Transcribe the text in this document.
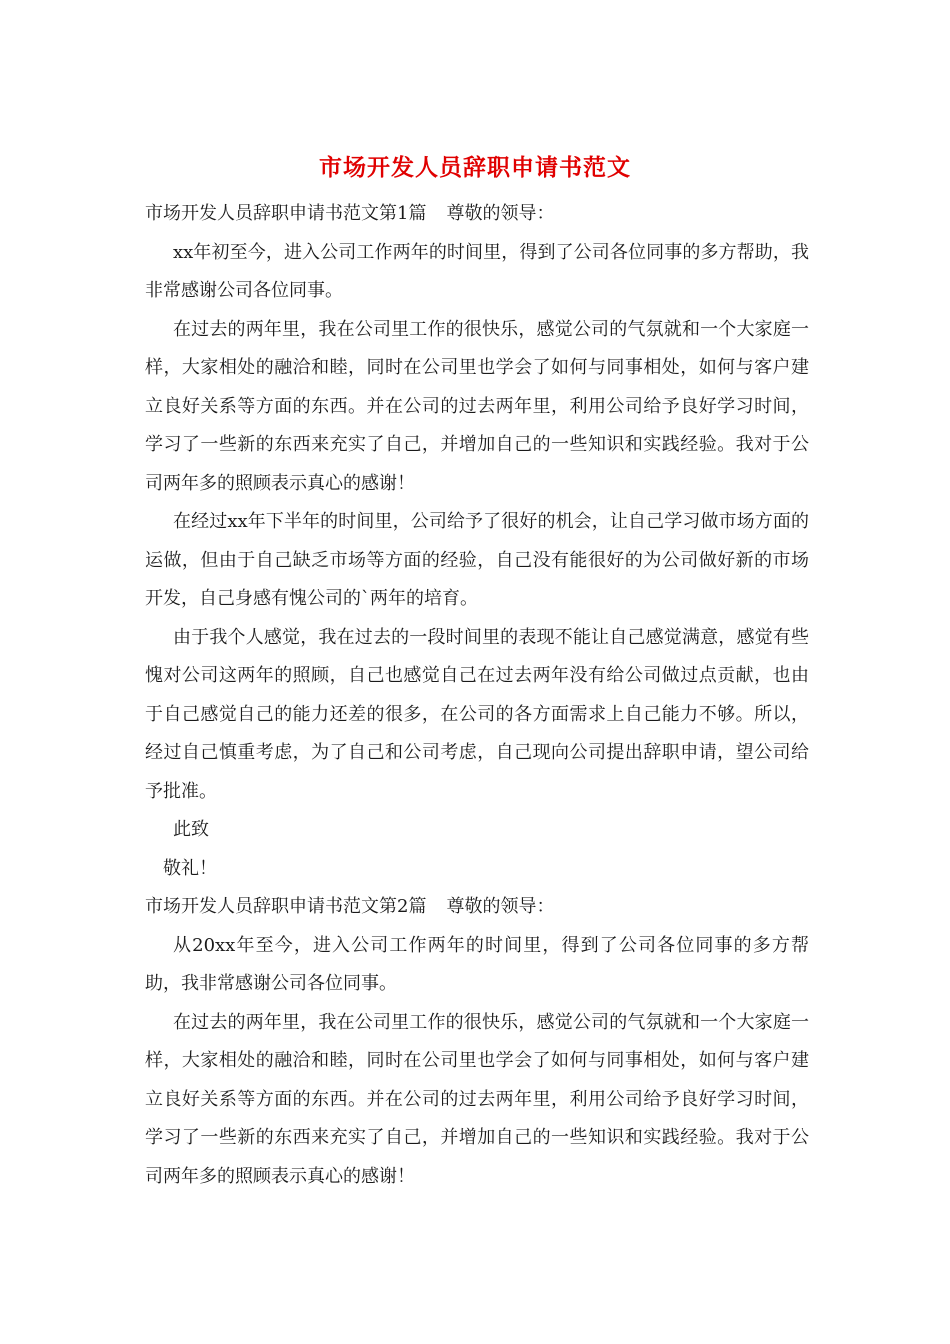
市场开发人员辞职申请书范文

市场开发人员辞职申请书范文第1篇 尊敬的领导：

xx年初至今，进入公司工作两年的时间里，得到了公司各位同事的多方帮助，我非常感谢公司各位同事。

在过去的两年里，我在公司里工作的很快乐，感觉公司的气氛就和一个大家庭一样，大家相处的融洽和睦，同时在公司里也学会了如何与同事相处，如何与客户建立良好关系等方面的东西。并在公司的过去两年里，利用公司给予良好学习时间，学习了一些新的东西来充实了自己，并增加自己的一些知识和实践经验。我对于公司两年多的照顾表示真心的感谢！

在经过xx年下半年的时间里，公司给予了很好的机会，让自己学习做市场方面的运做，但由于自己缺乏市场等方面的经验，自己没有能很好的为公司做好新的市场开发，自己身感有愧公司的`两年的培育。

由于我个人感觉，我在过去的一段时间里的表现不能让自己感觉满意，感觉有些愧对公司这两年的照顾，自己也感觉自己在过去两年没有给公司做过点贡献，也由于自己感觉自己的能力还差的很多，在公司的各方面需求上自己能力不够。所以，经过自己慎重考虑，为了自己和公司考虑，自己现向公司提出辞职申请，望公司给予批准。

此致

敬礼！

市场开发人员辞职申请书范文第2篇 尊敬的领导：

从20xx年至今，进入公司工作两年的时间里，得到了公司各位同事的多方帮助，我非常感谢公司各位同事。

在过去的两年里，我在公司里工作的很快乐，感觉公司的气氛就和一个大家庭一样，大家相处的融洽和睦，同时在公司里也学会了如何与同事相处，如何与客户建立良好关系等方面的东西。并在公司的过去两年里，利用公司给予良好学习时间，学习了一些新的东西来充实了自己，并增加自己的一些知识和实践经验。我对于公司两年多的照顾表示真心的感谢！
